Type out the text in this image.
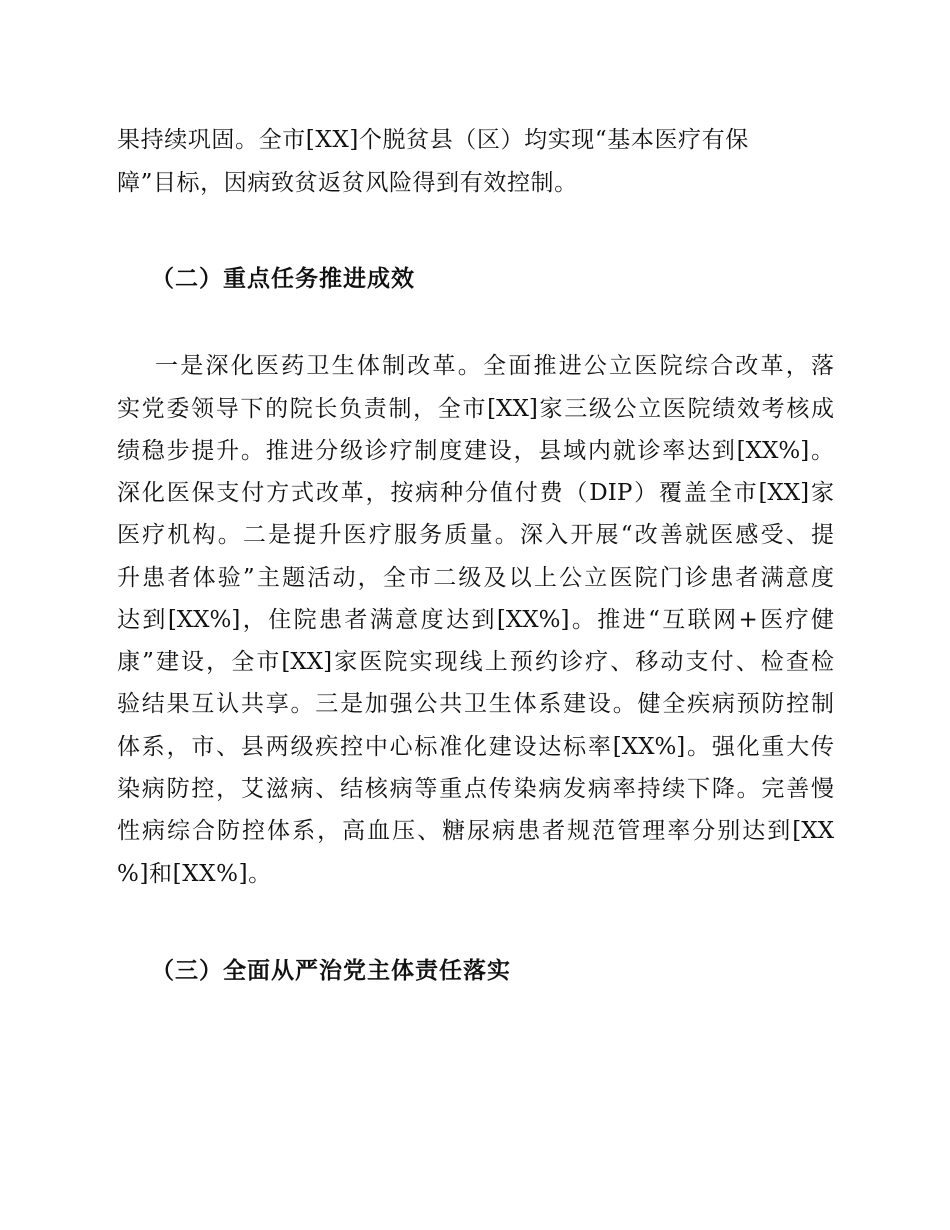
果持续巩固。全市[XX]个脱贫县（区）均实现“基本医疗有保
障”目标，因病致贫返贫风险得到有效控制。
（二）重点任务推进成效
一是深化医药卫生体制改革。全面推进公立医院综合改革，落
实党委领导下的院长负责制，全市[XX]家三级公立医院绩效考核成
绩稳步提升。推进分级诊疗制度建设，县域内就诊率达到[XX%]。
深化医保支付方式改革，按病种分值付费（DIP）覆盖全市[XX]家
医疗机构。二是提升医疗服务质量。深入开展“改善就医感受、提
升患者体验”主题活动，全市二级及以上公立医院门诊患者满意度
达到[XX%]，住院患者满意度达到[XX%]。推进“互联网+医疗健
康”建设，全市[XX]家医院实现线上预约诊疗、移动支付、检查检
验结果互认共享。三是加强公共卫生体系建设。健全疾病预防控制
体系，市、县两级疾控中心标准化建设达标率[XX%]。强化重大传
染病防控，艾滋病、结核病等重点传染病发病率持续下降。完善慢
性病综合防控体系，高血压、糖尿病患者规范管理率分别达到[XX
%]和[XX%]。
（三）全面从严治党主体责任落实
